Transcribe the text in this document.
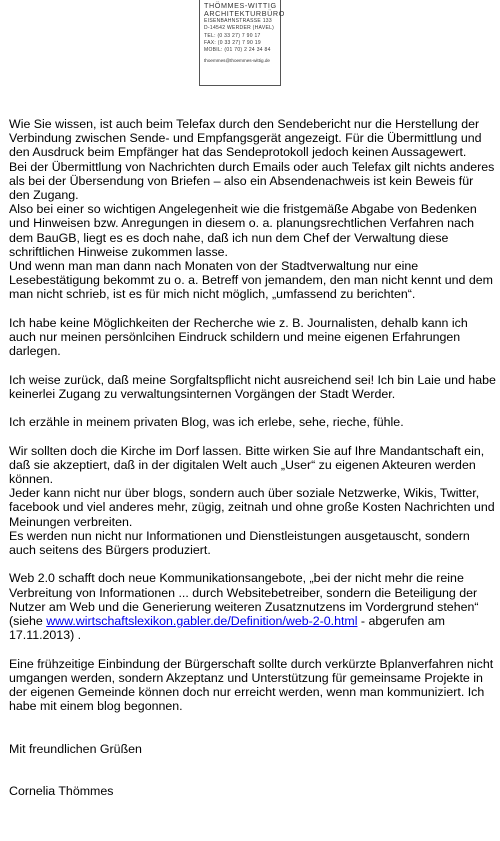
THÖMMES-WITTIG
ARCHITEKTURBÜRO
EISENBAHNSTRASSE 133
D-14542 WERDER (HAVEL)
TEL: (0 33 27) 7 90 17
FAX: (0 33 27) 7 90 19
MOBIL: (01 70) 2 24 34 84
thoemmes@thoemmes-wittig.de

Wie Sie wissen, ist auch beim Telefax durch den Sendebericht nur die Herstellung der Verbindung zwischen Sende- und Empfangsgerät angezeigt. Für die Übermittlung und den Ausdruck beim Empfänger hat das Sendeprotokoll jedoch keinen Aussagewert.

Bei der Übermittlung von Nachrichten durch Emails oder auch Telefax gilt nichts anderes als bei der Übersendung von Briefen – also ein Absendenachweis ist kein Beweis für den Zugang.

Also bei einer so wichtigen Angelegenheit wie die fristgemäße Abgabe von Bedenken und Hinweisen bzw. Anregungen in diesem o. a. planungsrechtlichen Verfahren nach dem BauGB, liegt es es doch nahe, daß ich nun dem Chef der Verwaltung diese schriftlichen Hinweise zukommen lasse.

Und wenn man man dann nach Monaten von der Stadtverwaltung nur eine Lesebestätigung bekommt zu o. a. Betreff von jemandem, den man nicht kennt und dem man nicht schrieb, ist es für mich nicht möglich, „umfassend zu berichten“.

Ich habe keine Möglichkeiten der Recherche wie z. B. Journalisten, dehalb kann ich auch nur meinen persönlcihen Eindruck schildern und meine eigenen Erfahrungen darlegen.

Ich weise zurück, daß meine Sorgfaltspflicht nicht ausreichend sei! Ich bin Laie und habe keinerlei Zugang zu verwaltungsinternen Vorgängen der Stadt Werder.

Ich erzähle in meinem privaten Blog, was ich erlebe, sehe, rieche, fühle.

Wir sollten doch die Kirche im Dorf lassen. Bitte wirken Sie auf Ihre Mandantschaft ein, daß sie akzeptiert, daß in der digitalen Welt auch „User“ zu eigenen Akteuren werden können.

Jeder kann nicht nur über blogs, sondern auch über soziale Netzwerke, Wikis, Twitter, facebook und viel anderes mehr, zügig, zeitnah und ohne große Kosten Nachrichten und Meinungen verbreiten.

Es werden nun nicht nur Informationen und Dienstleistungen ausgetauscht, sondern auch seitens des Bürgers produziert.

Web 2.0 schafft doch neue Kommunikationsangebote, „bei der nicht mehr die reine Verbreitung von Informationen ... durch Websitebetreiber, sondern die Beteiligung der Nutzer am Web und die Generierung weiteren Zusatznutzens im Vordergrund stehen“ (siehe www.wirtschaftslexikon.gabler.de/Definition/web-2-0.html - abgerufen am 17.11.2013) .

Eine frühzeitige Einbindung der Bürgerschaft sollte durch verkürzte Bplanverfahren nicht umgangen werden, sondern Akzeptanz und Unterstützung für gemeinsame Projekte in der eigenen Gemeinde können doch nur erreicht werden, wenn man kommuniziert. Ich habe mit einem blog begonnen.

Mit freundlichen Grüßen

Cornelia Thömmes
